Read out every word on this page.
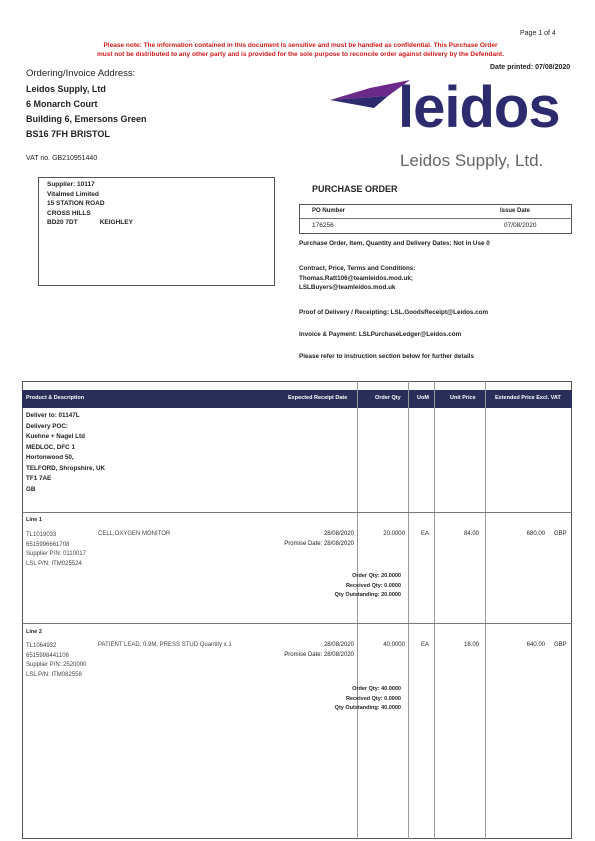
Page 1 of 4
Please note: The information contained in this document is sensitive and must be handled as confidential. This Purchase Order
must not be distributed to any other party and is provided for the sole purpose to reconcile order against delivery by the Defendant.
Date printed: 07/08/2020
Ordering/Invoice Address:
Leidos Supply, Ltd
6 Monarch Court
Building 6, Emersons Green
BS16 7FH BRISTOL	leidos
Leidos Supply, Ltd.
VAT no. GB210951440
Supplier: 10117
Vitalmed Limited
15 STATION ROAD
CROSS HILLS
BD20 7DT	KEIGHLEY
PURCHASE ORDER
PO Number	Issue Date
176256	07/08/2020
Purchase Order, Item, Quantity and Delivery Dates: Not in Use 0
Contract, Price, Terms and Conditions:
Thomas.Ratt106@teamleidos.mod.uk;
LSLBuyers@teamleidos.mod.uk
Proof of Delivery / Receipting: LSL.GoodsReceipt@Leidos.com
Invoice & Payment: LSLPurchaseLedger@Leidos.com
Please refer to instruction section below for further details
Product & Description	Expected Receipt Date	Order Qty	UoM	Unit Price	Extended Price Excl. VAT
Deliver to: 01147L
Delivery POC:
Kuehne + Nagel Ltd
MEDLOC, DFC 1
Hortonwood 50,
TELFORD, Shropshire, UK
TF1 7AE
GB
Line 1
TL1019033
6515996661708
Supplier P/N: 0110017
LSL P/N: ITM025524
CELL,OXYGEN MONITOR	28/08/2020
Promise Date: 28/08/2020
20.0000	EA	84.00	680.00 GBP
Order Qty: 20.0000
Received Qty: 0.0000
Qty Outstanding: 20.0000
Line 2
TL1064932
6515998441106
Supplier P/N: 2520000
LSL P/N: ITM082558
PATIENT LEAD, 0.9M, PRESS STUD Quantity x 1	28/08/2020
Promise Date: 28/08/2020
40.0000	EA	16.00	640.00 GBP
Order Qty: 40.0000
Received Qty: 0.0000
Qty Outstanding: 40.0000
